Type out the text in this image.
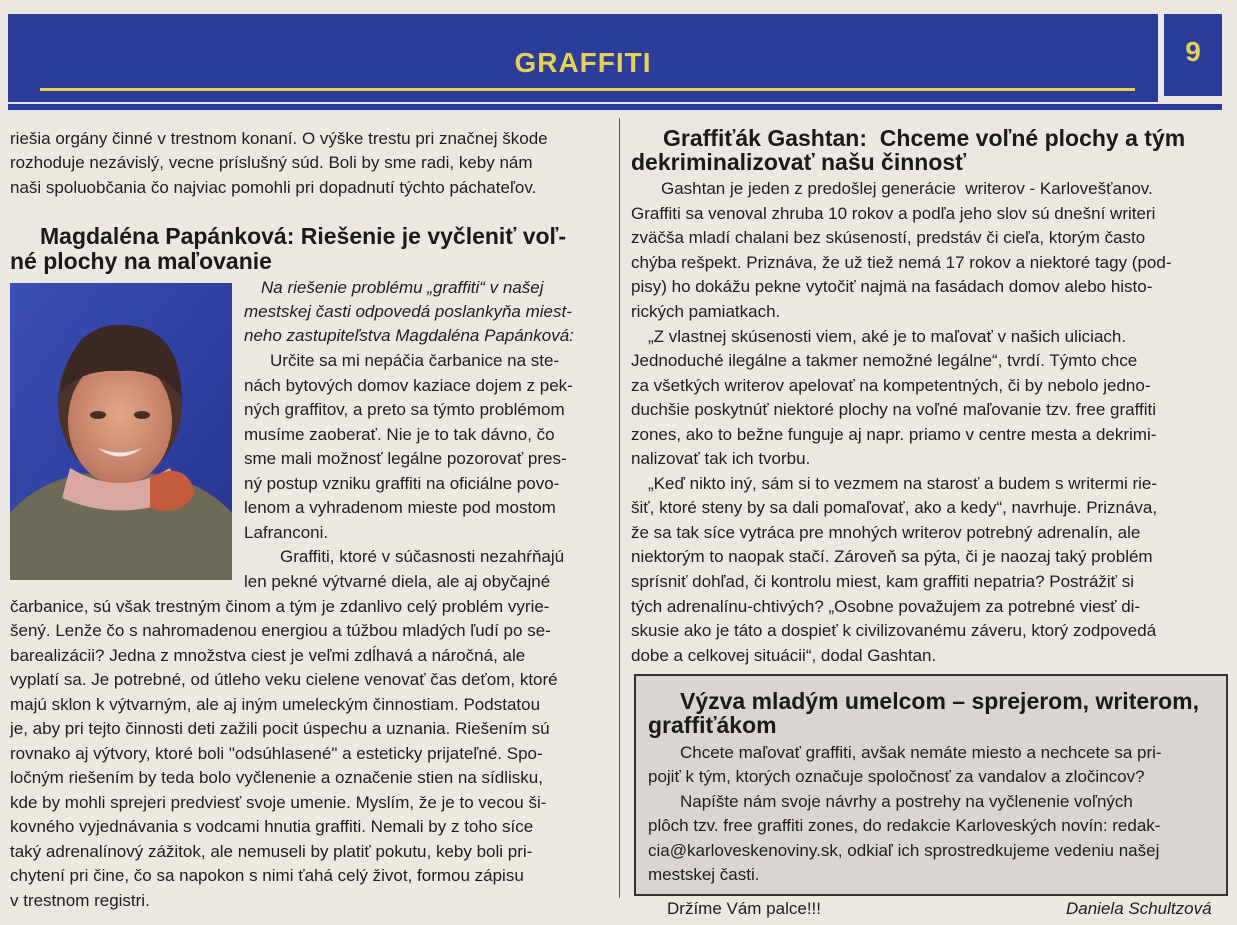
GRAFFITI	9
riešia orgány činné v trestnom konaní. O výške trestu pri značnej škode
rozhoduje nezávislý, vecne príslušný súd. Boli by sme radi, keby nám
naši spoluobčania čo najviac pomohli pri dopadnutí týchto páchateľov.
Magdaléna Papánková: Riešenie je vyčleniť voľ-
né plochy na maľovanie
Na riešenie problému „graffiti“ v našej
mestskej časti odpovedá poslankyňa miest-
neho zastupiteľstva Magdaléna Papánková:
Určite sa mi nepáčia čarbanice na ste-
nách bytových domov kaziace dojem z pek-
ných graffitov, a preto sa týmto problémom
musíme zaoberať. Nie je to tak dávno, čo
sme mali možnosť legálne pozorovať pres-
ný postup vzniku graffiti na oficiálne povo-
lenom a vyhradenom mieste pod mostom
Lafranconi.
Graffiti, ktoré v súčasnosti nezahŕňajú
len pekné výtvarné diela, ale aj obyčajné
čarbanice, sú však trestným činom a tým je zdanlivo celý problém vyrie-
šený. Lenže čo s nahromadenou energiou a túžbou mladých ľudí po se-
barealizácii? Jedna z množstva ciest je veľmi zdĺhavá a náročná, ale
vyplatí sa. Je potrebné, od útleho veku cielene venovať čas deťom, ktoré
majú sklon k výtvarným, ale aj iným umeleckým činnostiam. Podstatou
je, aby pri tejto činnosti deti zažili pocit úspechu a uznania. Riešením sú
rovnako aj výtvory, ktoré boli "odsúhlasené" a esteticky prijateľné. Spo-
ločným riešením by teda bolo vyčlenenie a označenie stien na sídlisku,
kde by mohli sprejeri predviesť svoje umenie. Myslím, že je to vecou ši-
kovného vyjednávania s vodcami hnutia graffiti. Nemali by z toho síce
taký adrenalínový zážitok, ale nemuseli by platiť pokutu, keby boli pri-
chytení pri čine, čo sa napokon s nimi ťahá celý život, formou zápisu
v trestnom registri.
Graffiťák Gashtan:  Chceme voľné plochy a tým
dekriminalizovať našu činnosť
Gashtan je jeden z predošlej generácie  writerov - Karlovešťanov.
Graffiti sa venoval zhruba 10 rokov a podľa jeho slov sú dnešní writeri
zväčša mladí chalani bez skúseností, predstáv či cieľa, ktorým často
chýba rešpekt. Priznáva, že už tiež nemá 17 rokov a niektoré tagy (pod-
pisy) ho dokážu pekne vytočiť najmä na fasádach domov alebo histo-
rických pamiatkach.
„Z vlastnej skúsenosti viem, aké je to maľovať v našich uliciach.
Jednoduché ilegálne a takmer nemožné legálne“, tvrdí. Týmto chce
za všetkých writerov apelovať na kompetentných, či by nebolo jedno-
duchšie poskytnúť niektoré plochy na voľné maľovanie tzv. free graffiti
zones, ako to bežne funguje aj napr. priamo v centre mesta a dekrimi-
nalizovať tak ich tvorbu.
„Keď nikto iný, sám si to vezmem na starosť a budem s writermi rie-
šiť, ktoré steny by sa dali pomaľovať, ako a kedy“, navrhuje. Priznáva,
že sa tak síce vytráca pre mnohých writerov potrebný adrenalín, ale
niektorým to naopak stačí. Zároveň sa pýta, či je naozaj taký problém
sprísniť dohľad, či kontrolu miest, kam graffiti nepatria? Postrážiť si
tých adrenalínu-chtivých? „Osobne považujem za potrebné viesť di-
skusie ako je táto a dospieť k civilizovanému záveru, ktorý zodpovedá
dobe a celkovej situácii“, dodal Gashtan.
Výzva mladým umelcom – sprejerom, writerom,
graffiťákom
Chcete maľovať graffiti, avšak nemáte miesto a nechcete sa pri-
pojiť k tým, ktorých označuje spoločnosť za vandalov a zločincov?
Napíšte nám svoje návrhy a postrehy na vyčlenenie voľných
plôch tzv. free graffiti zones, do redakcie Karloveských novín: redak-
cia@karloveskenoviny.sk, odkiaľ ich sprostredkujeme vedeniu našej
mestskej časti.
Držíme Vám palce!!!	Daniela Schultzová
